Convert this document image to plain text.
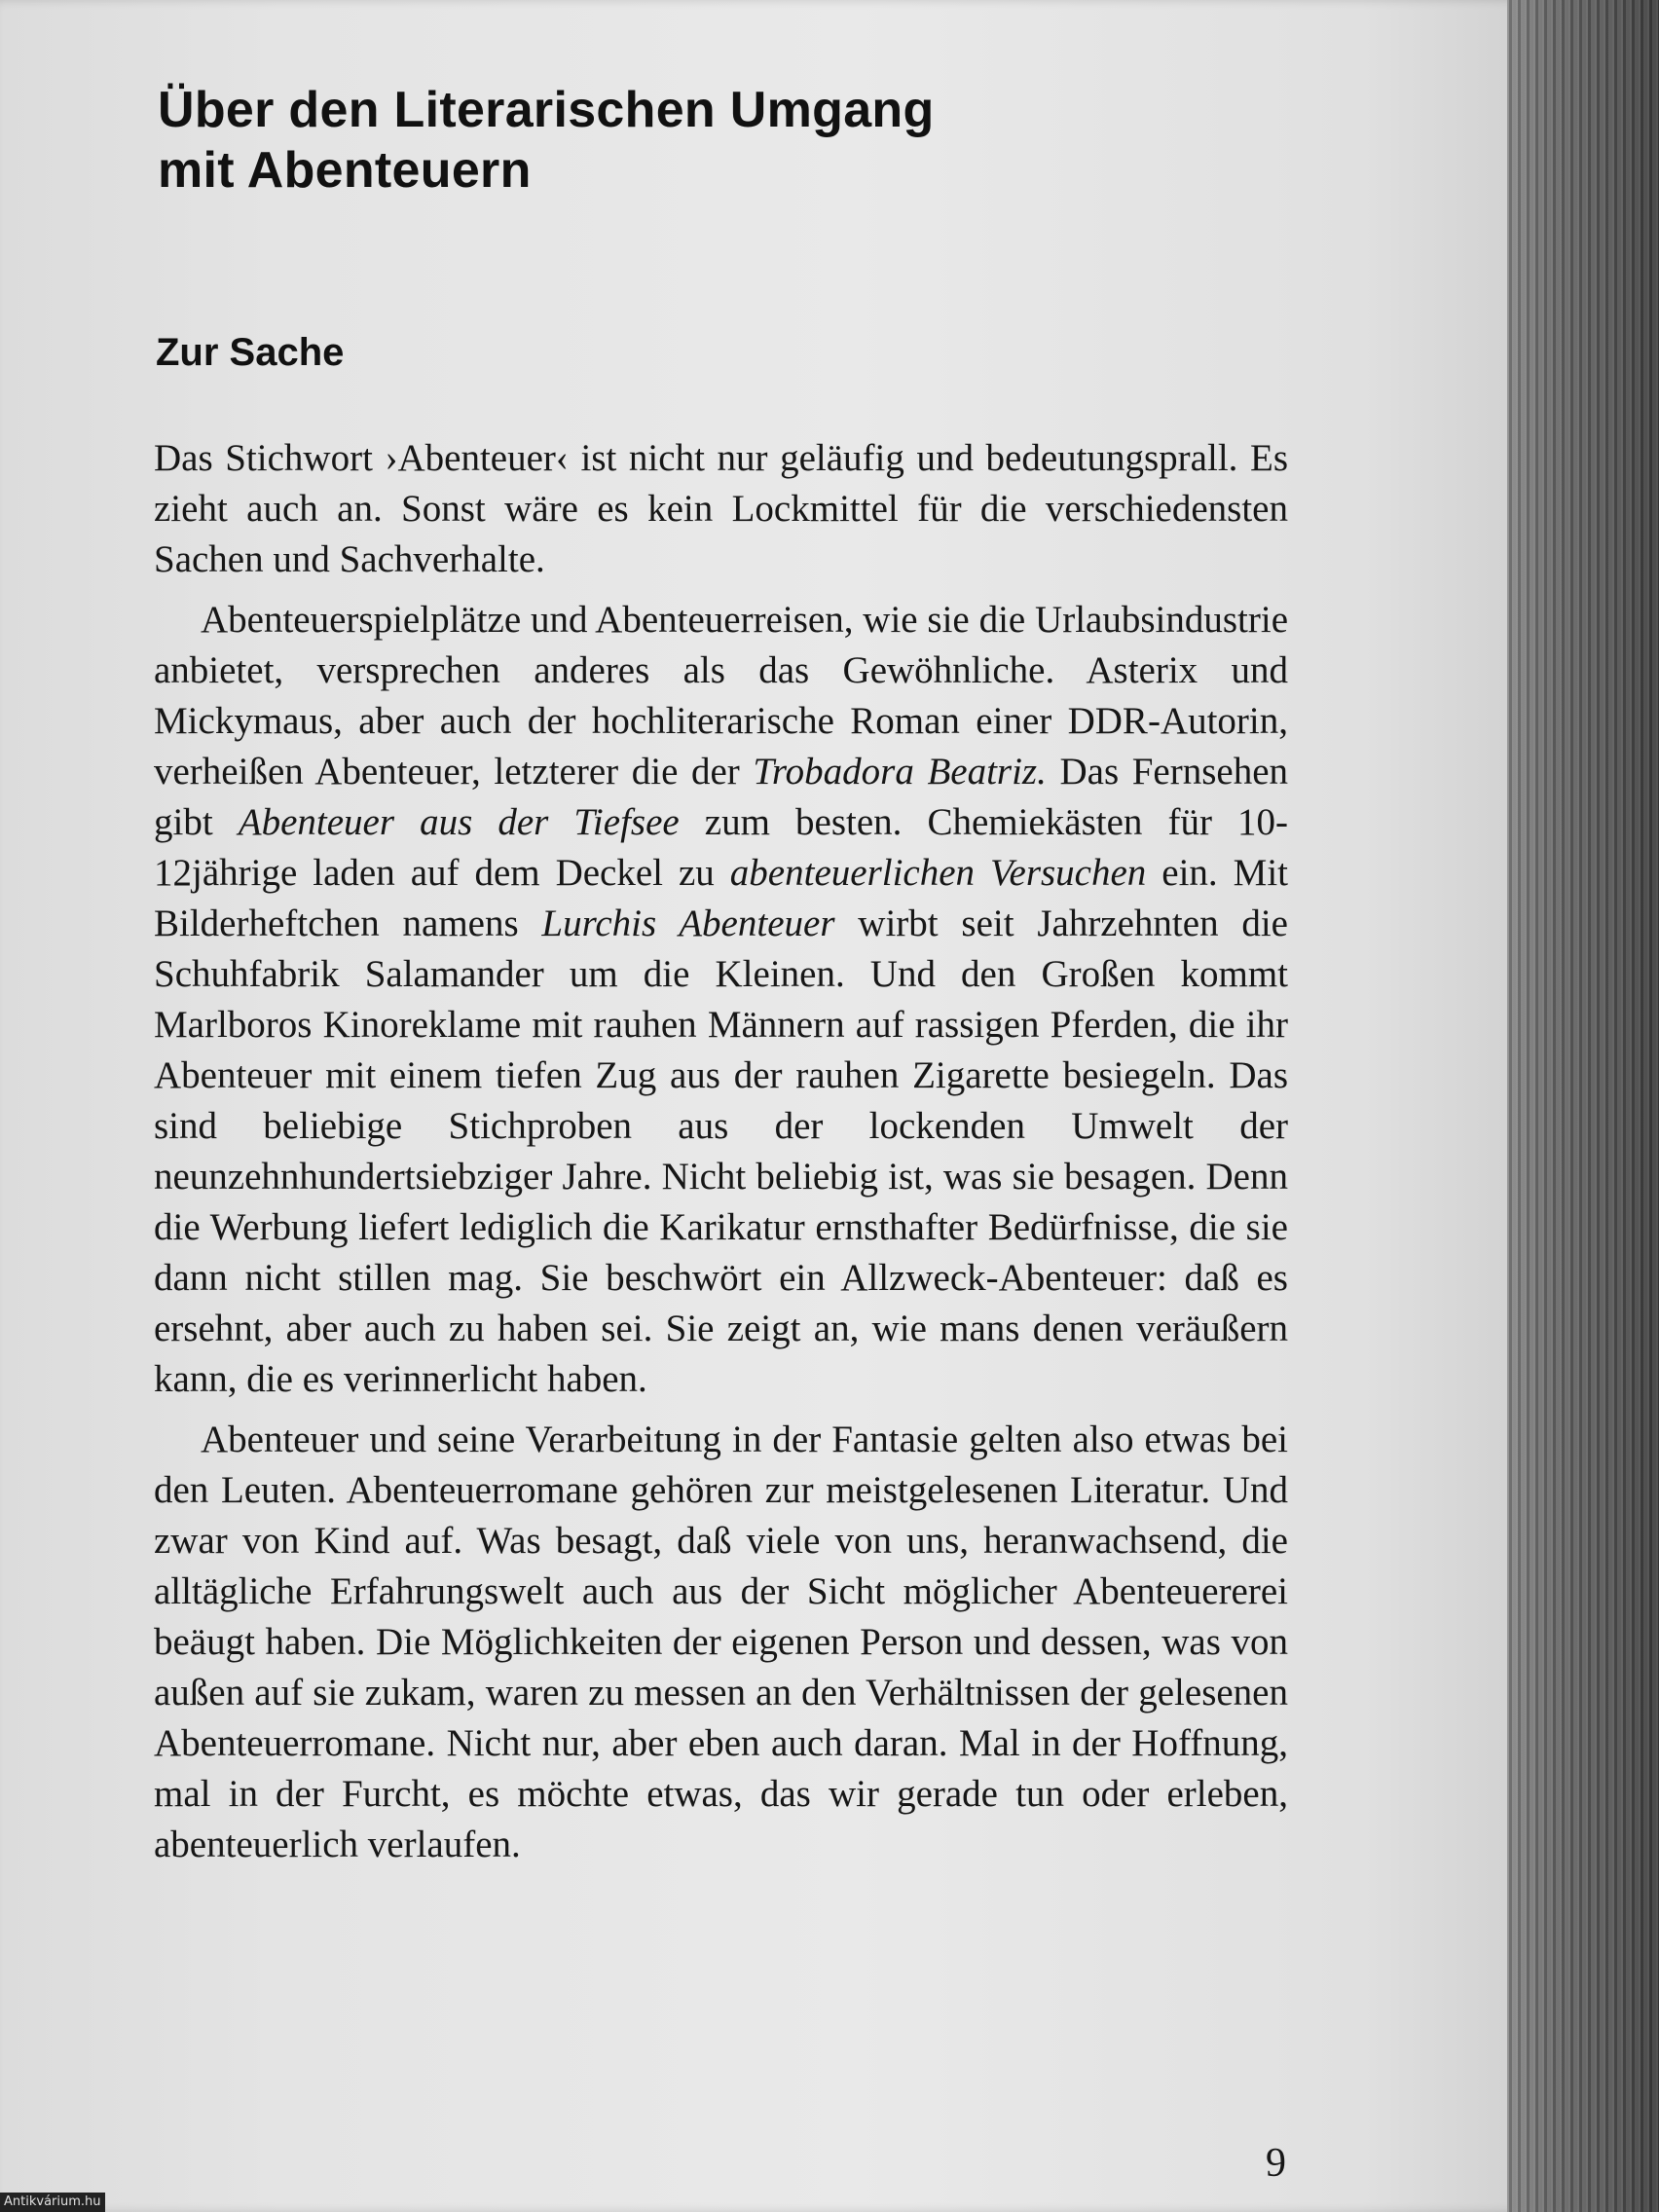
Über den Literarischen Umgang
mit Abenteuern
Zur Sache

Das Stichwort ›Abenteuer‹ ist nicht nur geläufig und bedeutungsprall. Es zieht auch an. Sonst wäre es kein Lockmittel für die verschiedensten Sachen und Sachverhalte.

Abenteuerspielplätze und Abenteuerreisen, wie sie die Urlaubsindustrie anbietet, versprechen anderes als das Gewöhnliche. Asterix und Mickymaus, aber auch der hochliterarische Roman einer DDR-Autorin, verheißen Abenteuer, letzterer die der Trobadora Beatriz. Das Fernsehen gibt Abenteuer aus der Tiefsee zum besten. Chemiekästen für 10-12jährige laden auf dem Deckel zu abenteuerlichen Versuchen ein. Mit Bilderheftchen namens Lurchis Abenteuer wirbt seit Jahrzehnten die Schuhfabrik Salamander um die Kleinen. Und den Großen kommt Marlboros Kinoreklame mit rauhen Männern auf rassigen Pferden, die ihr Abenteuer mit einem tiefen Zug aus der rauhen Zigarette besiegeln. Das sind beliebige Stichproben aus der lockenden Umwelt der neunzehnhundertsiebziger Jahre. Nicht beliebig ist, was sie besagen. Denn die Werbung liefert lediglich die Karikatur ernsthafter Bedürfnisse, die sie dann nicht stillen mag. Sie beschwört ein Allzweck-Abenteuer: daß es ersehnt, aber auch zu haben sei. Sie zeigt an, wie mans denen veräußern kann, die es verinnerlicht haben.

Abenteuer und seine Verarbeitung in der Fantasie gelten also etwas bei den Leuten. Abenteuerromane gehören zur meistgelesenen Literatur. Und zwar von Kind auf. Was besagt, daß viele von uns, heranwachsend, die alltägliche Erfahrungswelt auch aus der Sicht möglicher Abenteuererei beäugt haben. Die Möglichkeiten der eigenen Person und dessen, was von außen auf sie zukam, waren zu messen an den Verhältnissen der gelesenen Abenteuerromane. Nicht nur, aber eben auch daran. Mal in der Hoffnung, mal in der Furcht, es möchte etwas, das wir gerade tun oder erleben, abenteuerlich verlaufen.

9
Antikvárium.hu
